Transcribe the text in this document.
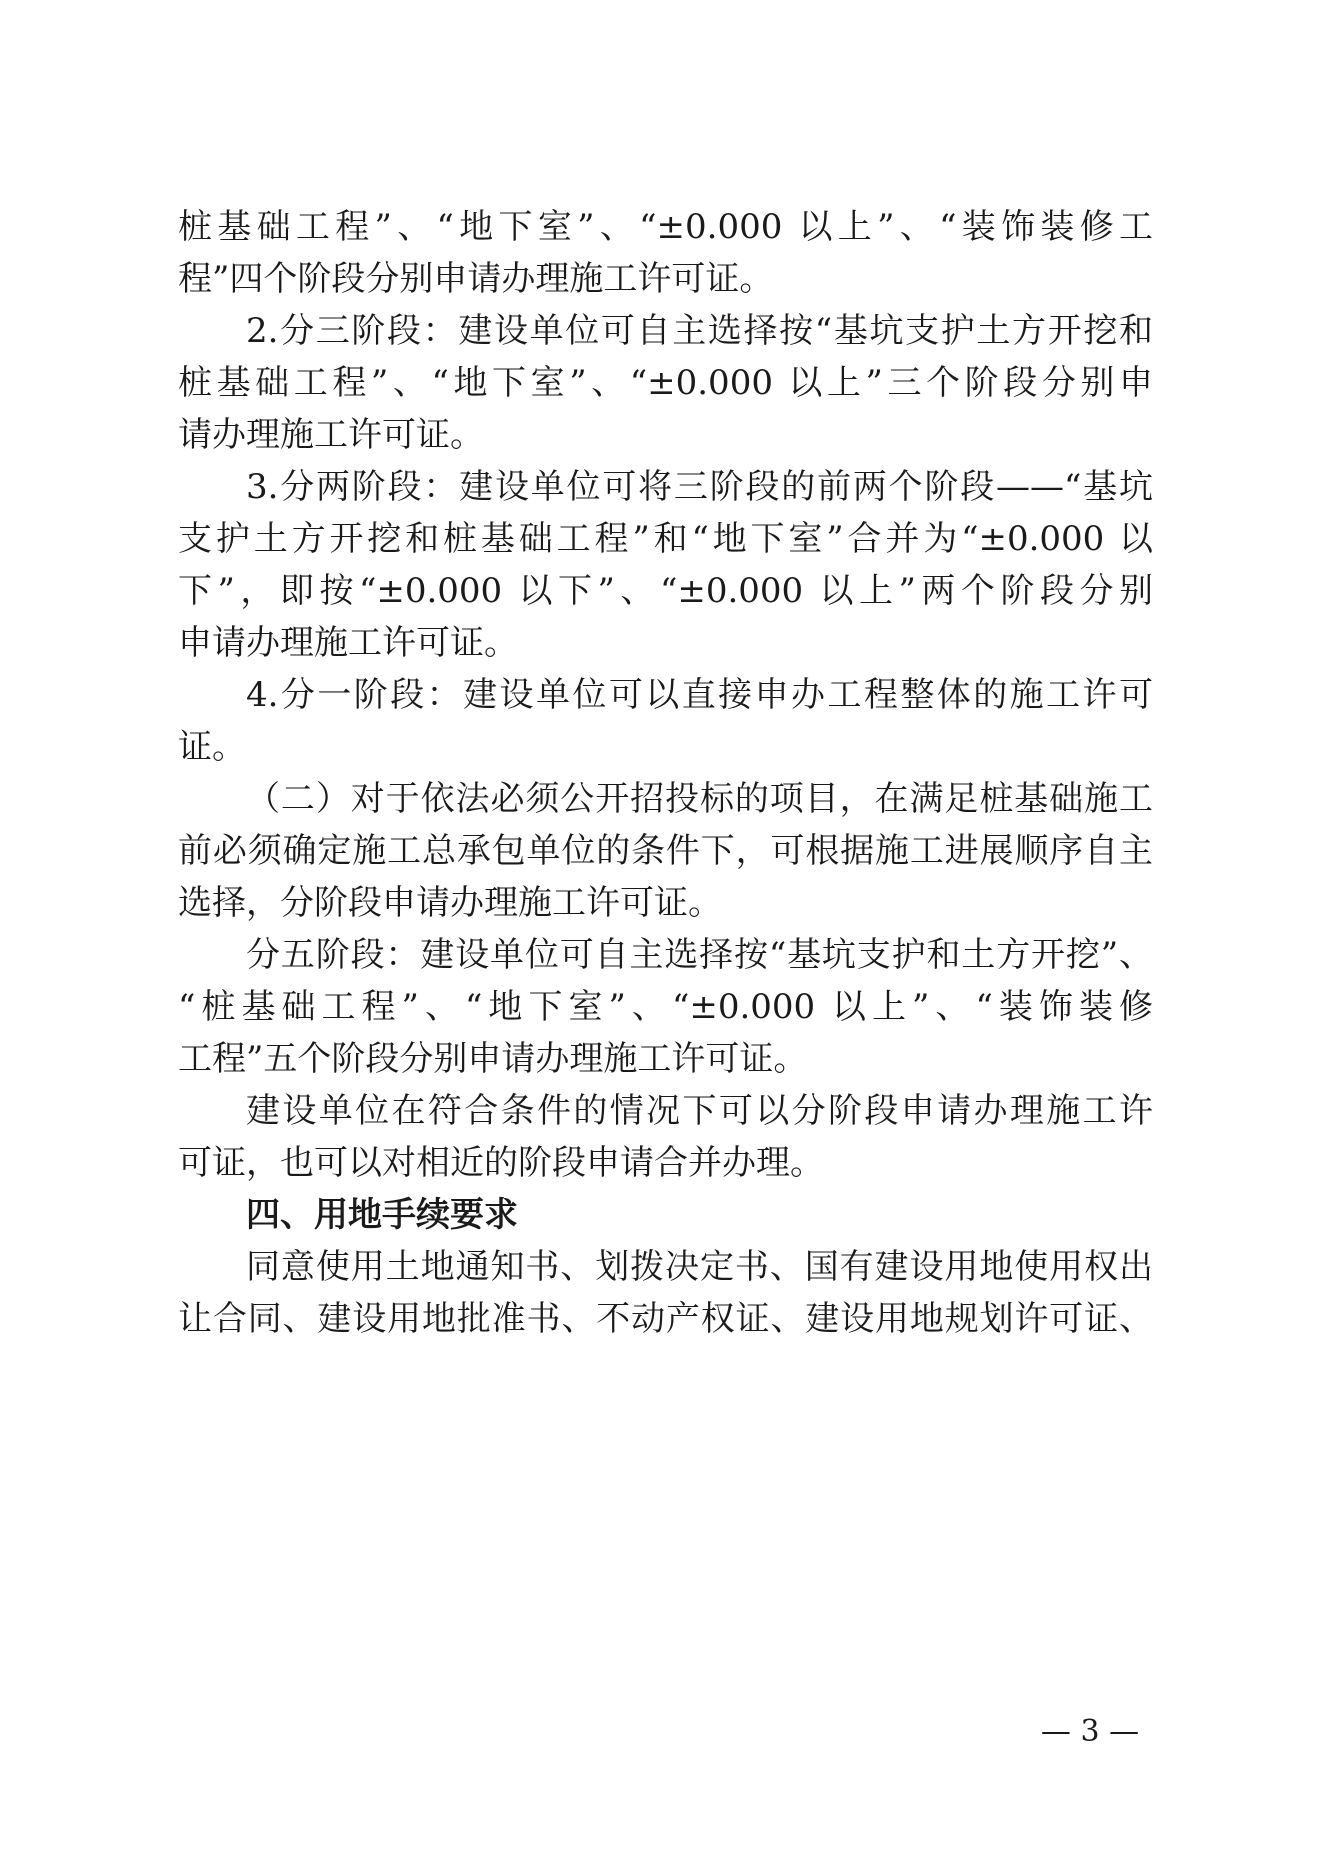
桩基础工程”、“地下室”、“±0.000 以上”、“装饰装修工
程”四个阶段分别申请办理施工许可证。
2.分三阶段：建设单位可自主选择按“基坑支护土方开挖和
桩基础工程”、“地下室”、“±0.000 以上”三个阶段分别申
请办理施工许可证。
3.分两阶段：建设单位可将三阶段的前两个阶段——“基坑
支护土方开挖和桩基础工程”和“地下室”合并为“±0.000 以
下”，即按“±0.000 以下”、“±0.000 以上”两个阶段分别
申请办理施工许可证。
4.分一阶段：建设单位可以直接申办工程整体的施工许可
证。
（二）对于依法必须公开招投标的项目，在满足桩基础施工
前必须确定施工总承包单位的条件下，可根据施工进展顺序自主
选择，分阶段申请办理施工许可证。
分五阶段：建设单位可自主选择按“基坑支护和土方开挖”、
“桩基础工程”、“地下室”、“±0.000 以上”、“装饰装修
工程”五个阶段分别申请办理施工许可证。
建设单位在符合条件的情况下可以分阶段申请办理施工许
可证，也可以对相近的阶段申请合并办理。
四、用地手续要求
同意使用土地通知书、划拨决定书、国有建设用地使用权出
让合同、建设用地批准书、不动产权证、建设用地规划许可证、
— 3 —
